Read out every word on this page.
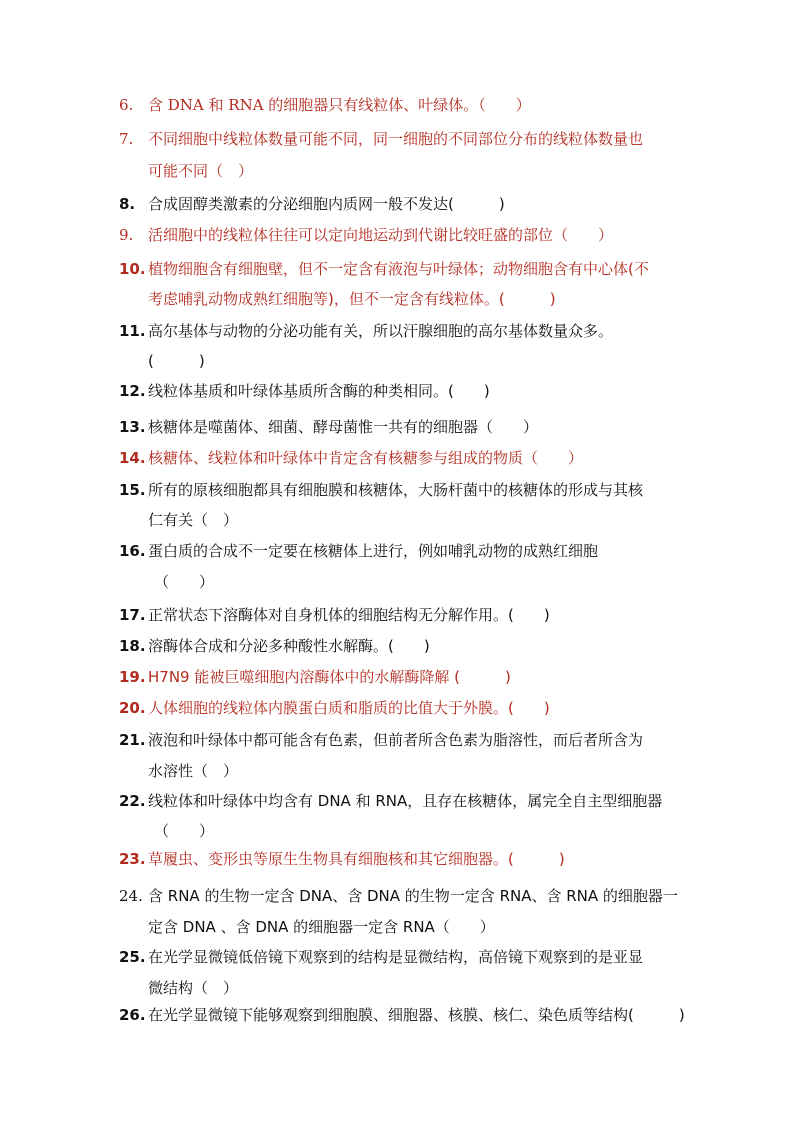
6. 含 DNA 和 RNA 的细胞器只有线粒体、叶绿体。（　　）
7. 不同细胞中线粒体数量可能不同，同一细胞的不同部位分布的线粒体数量也
可能不同（　）
8. 合成固醇类激素的分泌细胞内质网一般不发达(　　　)
9. 活细胞中的线粒体往往可以定向地运动到代谢比较旺盛的部位（　　）
10. 植物细胞含有细胞壁，但不一定含有液泡与叶绿体；动物细胞含有中心体(不
考虑哺乳动物成熟红细胞等)，但不一定含有线粒体。(　　　)
11. 高尔基体与动物的分泌功能有关，所以汗腺细胞的高尔基体数量众多。
(　　　)
12. 线粒体基质和叶绿体基质所含酶的种类相同。(　　)
13. 核糖体是噬菌体、细菌、酵母菌惟一共有的细胞器（　　）
14. 核糖体、线粒体和叶绿体中肯定含有核糖参与组成的物质（　　）
15. 所有的原核细胞都具有细胞膜和核糖体，大肠杆菌中的核糖体的形成与其核
仁有关（　）
16. 蛋白质的合成不一定要在核糖体上进行，例如哺乳动物的成熟红细胞
（　　）
17. 正常状态下溶酶体对自身机体的细胞结构无分解作用。(　　)
18. 溶酶体合成和分泌多种酸性水解酶。(　　)
19. H7N9 能被巨噬细胞内溶酶体中的水解酶降解 (　　　)
20. 人体细胞的线粒体内膜蛋白质和脂质的比值大于外膜。(　　)
21. 液泡和叶绿体中都可能含有色素，但前者所含色素为脂溶性，而后者所含为
水溶性（　）
22. 线粒体和叶绿体中均含有 DNA 和 RNA，且存在核糖体，属完全自主型细胞器
（　　）
23. 草履虫、变形虫等原生生物具有细胞核和其它细胞器。(　　　)
24. 含 RNA 的生物一定含 DNA、含 DNA 的生物一定含 RNA、含 RNA 的细胞器一
定含 DNA 、含 DNA 的细胞器一定含 RNA（　　）
25. 在光学显微镜低倍镜下观察到的结构是显微结构，高倍镜下观察到的是亚显
微结构（　）
26. 在光学显微镜下能够观察到细胞膜、细胞器、核膜、核仁、染色质等结构(　　　)
